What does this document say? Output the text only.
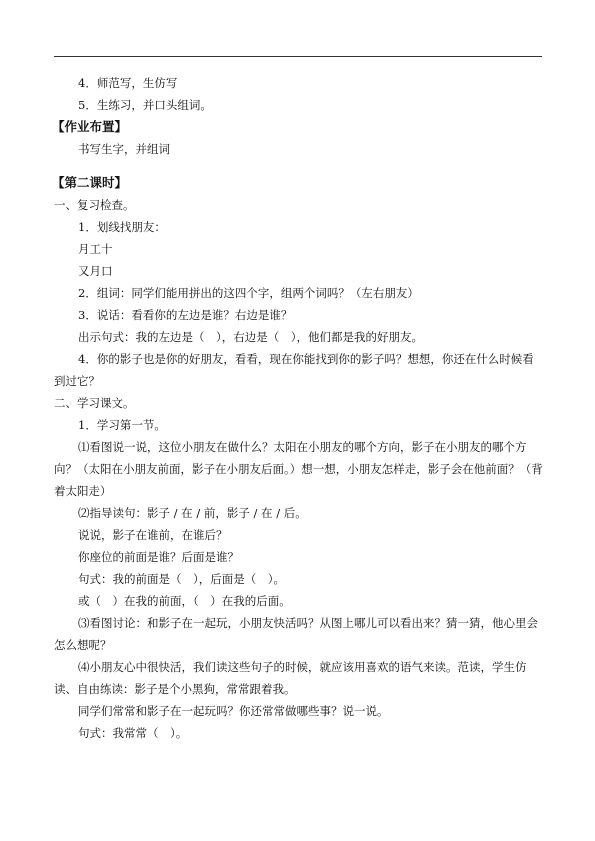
4．师范写，生仿写
5．生练习，并口头组词。
【作业布置】
书写生字，并组词
【第二课时】
一、复习检查。
1．划线找朋友：
月工十
又月口
2．组词：同学们能用拼出的这四个字，组两个词吗？（左右朋友）
3．说话：看看你的左边是谁？右边是谁？
出示句式：我的左边是（　），右边是（　），他们都是我的好朋友。
4．你的影子也是你的好朋友，看看，现在你能找到你的影子吗？想想，你还在什么时候看到过它？
二、学习课文。
1．学习第一节。
⑴看图说一说，这位小朋友在做什么？太阳在小朋友的哪个方向，影子在小朋友的哪个方向？（太阳在小朋友前面，影子在小朋友后面。）想一想，小朋友怎样走，影子会在他前面？（背着太阳走）
⑵指导读句：影子 / 在 / 前，影子 / 在 / 后。
说说，影子在谁前，在谁后？
你座位的前面是谁？后面是谁？
句式：我的前面是（　），后面是（　）。
或（　）在我的前面，（　）在我的后面。
⑶看图讨论：和影子在一起玩，小朋友快活吗？从图上哪儿可以看出来？猜一猜，他心里会怎么想呢？
⑷小朋友心中很快活，我们读这些句子的时候，就应该用喜欢的语气来读。范读，学生仿读、自由练读：影子是个小黑狗，常常跟着我。
同学们常常和影子在一起玩吗？你还常常做哪些事？说一说。
句式：我常常（　）。
